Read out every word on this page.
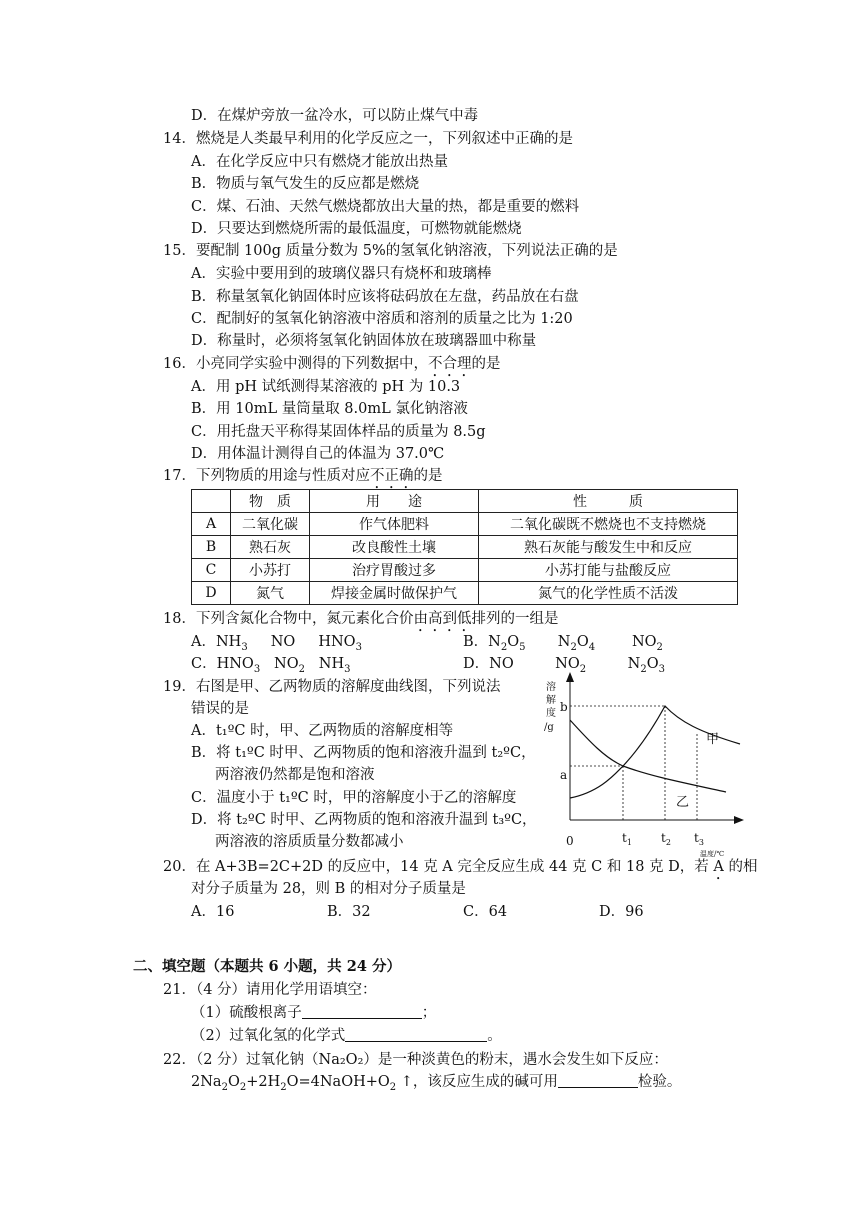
D．在煤炉旁放一盆冷水，可以防止煤气中毒
14．燃烧是人类最早利用的化学反应之一，下列叙述中正确的是
A．在化学反应中只有燃烧才能放出热量
B．物质与氧气发生的反应都是燃烧
C．煤、石油、天然气燃烧都放出大量的热，都是重要的燃料
D．只要达到燃烧所需的最低温度，可燃物就能燃烧
15．要配制 100g 质量分数为 5%的氢氧化钠溶液，下列说法正确的是
A．实验中要用到的玻璃仪器只有烧杯和玻璃棒
B．称量氢氧化钠固体时应该将砝码放在左盘，药品放在右盘
C．配制好的氢氧化钠溶液中溶质和溶剂的质量之比为 1:20
D．称量时，必须将氢氧化钠固体放在玻璃器皿中称量
16．小亮同学实验中测得的下列数据中，不合理的是
A．用 pH 试纸测得某溶液的 pH 为 10.3
B．用 10mL 量筒量取 8.0mL 氯化钠溶液
C．用托盘天平称得某固体样品的质量为 8.5g
D．用体温计测得自己的体温为 37.0℃
17．下列物质的用途与性质对应不正确的是
	物　质	用　　途	性　　　质
A	二氧化碳	作气体肥料	二氧化碳既不燃烧也不支持燃烧
B	熟石灰	改良酸性土壤	熟石灰能与酸发生中和反应
C	小苏打	治疗胃酸过多	小苏打能与盐酸反应
D	氮气	焊接金属时做保护气	氮气的化学性质不活泼
18．下列含氮化合物中，氮元素化合价由高到低排列的一组是
A．$NH_3$     NO     $HNO_3$	B．$N_2O_5$       $N_2O_4$        $NO_2$
C．$HNO_3$   $NO_2$   $NH_3$	D．NO         $NO_2$         $N_2O_3$
19．右图是甲、乙两物质的溶解度曲线图，下列说法
错误的是
A．t₁ºC 时，甲、乙两物质的溶解度相等
B．将 t₁ºC 时甲、乙两物质的饱和溶液升温到 t₂ºC，
两溶液仍然都是饱和溶液
C．温度小于 t₁ºC 时，甲的溶解度小于乙的溶解度
D．将 t₂ºC 时甲、乙两物质的饱和溶液升温到 t₃ºC，
两溶液的溶质质量分数都减小
溶
解
度
/g
温度/℃
0
b
a
$t_1$ $t_2$ $t_3$
甲
乙
20．在 A+3B=2C+2D 的反应中，14 克 A 完全反应生成 44 克 C 和 18 克 D，若 A 的相
对分子质量为 28，则 B 的相对分子质量是
A．16	B．32	C．64	D．96
二、填空题（本题共 6 小题，共 24 分）
21．（4 分）请用化学用语填空：
（1）硫酸根离子	；
（2）过氧化氢的化学式	。
22．（2 分）过氧化钠（Na₂O₂）是一种淡黄色的粉末，遇水会发生如下反应：
$2Na_2O_2+2H_2O=4NaOH+O_2$ ↑，该反应生成的碱可用	检验。
